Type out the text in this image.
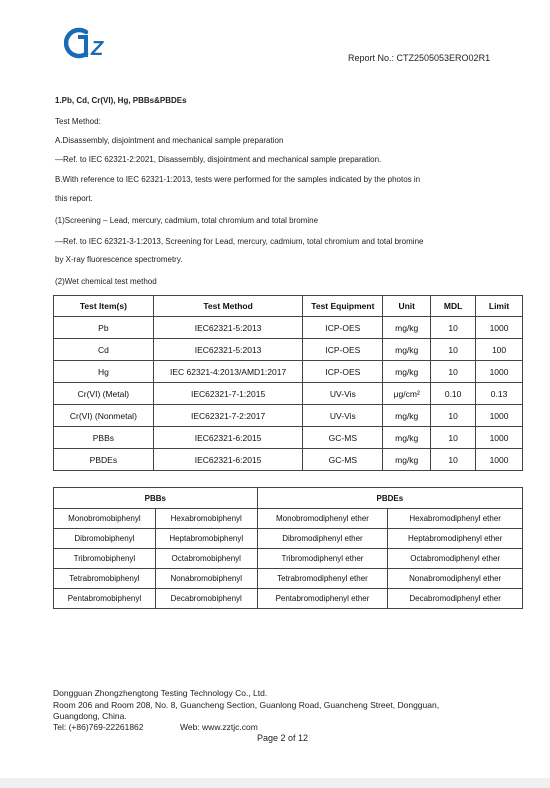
Z	Report No.: CTZ2505053ERO02R1
1.Pb, Cd, Cr(VI), Hg, PBBs&PBDEs
Test Method:
A.Disassembly, disjointment and mechanical sample preparation
—Ref. to IEC 62321-2:2021, Disassembly, disjointment and mechanical sample preparation.
B.With reference to IEC 62321-1:2013, tests were performed for the samples indicated by the photos in
this report.
(1)Screening – Lead, mercury, cadmium, total chromium and total bromine
—Ref. to IEC 62321-3-1:2013, Screening for Lead, mercury, cadmium, total chromium and total bromine
by X-ray fluorescence spectrometry.
(2)Wet chemical test method
Test Item(s)	Test Method	Test Equipment	Unit	MDL	Limit
Pb	IEC62321-5:2013	ICP-OES	mg/kg	10	1000
Cd	IEC62321-5:2013	ICP-OES	mg/kg	10	100
Hg	IEC 62321-4:2013/AMD1:2017	ICP-OES	mg/kg	10	1000
Cr(VI) (Metal)	IEC62321-7-1:2015	UV-Vis	μg/cm²	0.10	0.13
Cr(VI) (Nonmetal)	IEC62321-7-2:2017	UV-Vis	mg/kg	10	1000
PBBs	IEC62321-6:2015	GC-MS	mg/kg	10	1000
PBDEs	IEC62321-6:2015	GC-MS	mg/kg	10	1000
PBBs		PBDEs	
Monobromobiphenyl	Hexabromobiphenyl	Monobromodiphenyl ether	Hexabromodiphenyl ether
Dibromobiphenyl	Heptabromobiphenyl	Dibromodiphenyl ether	Heptabromodiphenyl ether
Tribromobiphenyl	Octabromobiphenyl	Tribromodiphenyl ether	Octabromodiphenyl ether
Tetrabromobiphenyl	Nonabromobiphenyl	Tetrabromodiphenyl ether	Nonabromodiphenyl ether
Pentabromobiphenyl	Decabromobiphenyl	Pentabromodiphenyl ether	Decabromodiphenyl ether
Dongguan Zhongzhengtong Testing Technology Co., Ltd.
Room 206 and Room 208, No. 8, Guancheng Section, Guanlong Road, Guancheng Street, Dongguan,
Guangdong, China.
Tel: (+86)769-22261862	Web: www.zztjc.com
Page 2 of 12
